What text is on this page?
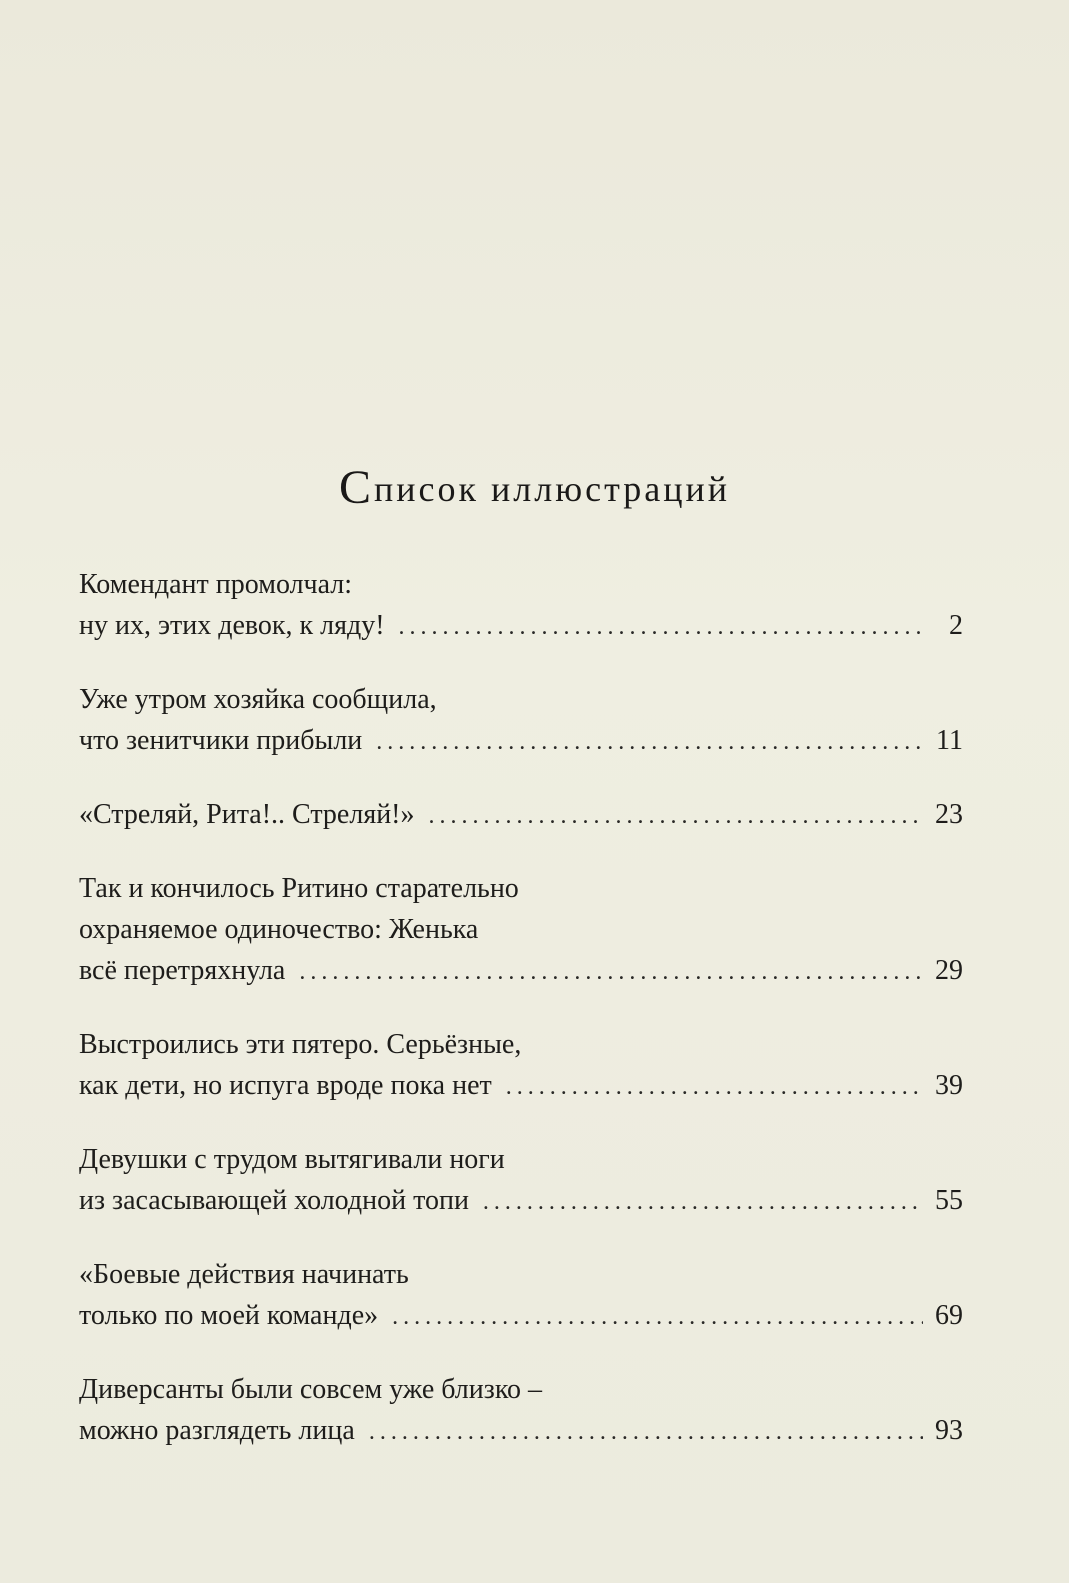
Список иллюстраций
Комендант промолчал:
ну их, этих девок, к ляду! . . .	2
Уже утром хозяйка сообщила,
что зенитчики прибыли . . .	11
«Стреляй, Рита!.. Стреляй!» . . .	23
Так и кончилось Ритино старательно
охраняемое одиночество: Женька
всё перетряхнула . . .	29
Выстроились эти пятеро. Серьёзные,
как дети, но испуга вроде пока нет . . .	39
Девушки с трудом вытягивали ноги
из засасывающей холодной топи . . .	55
«Боевые действия начинать
только по моей команде» . . .	69
Диверсанты были совсем уже близко –
можно разглядеть лица . . .	93
